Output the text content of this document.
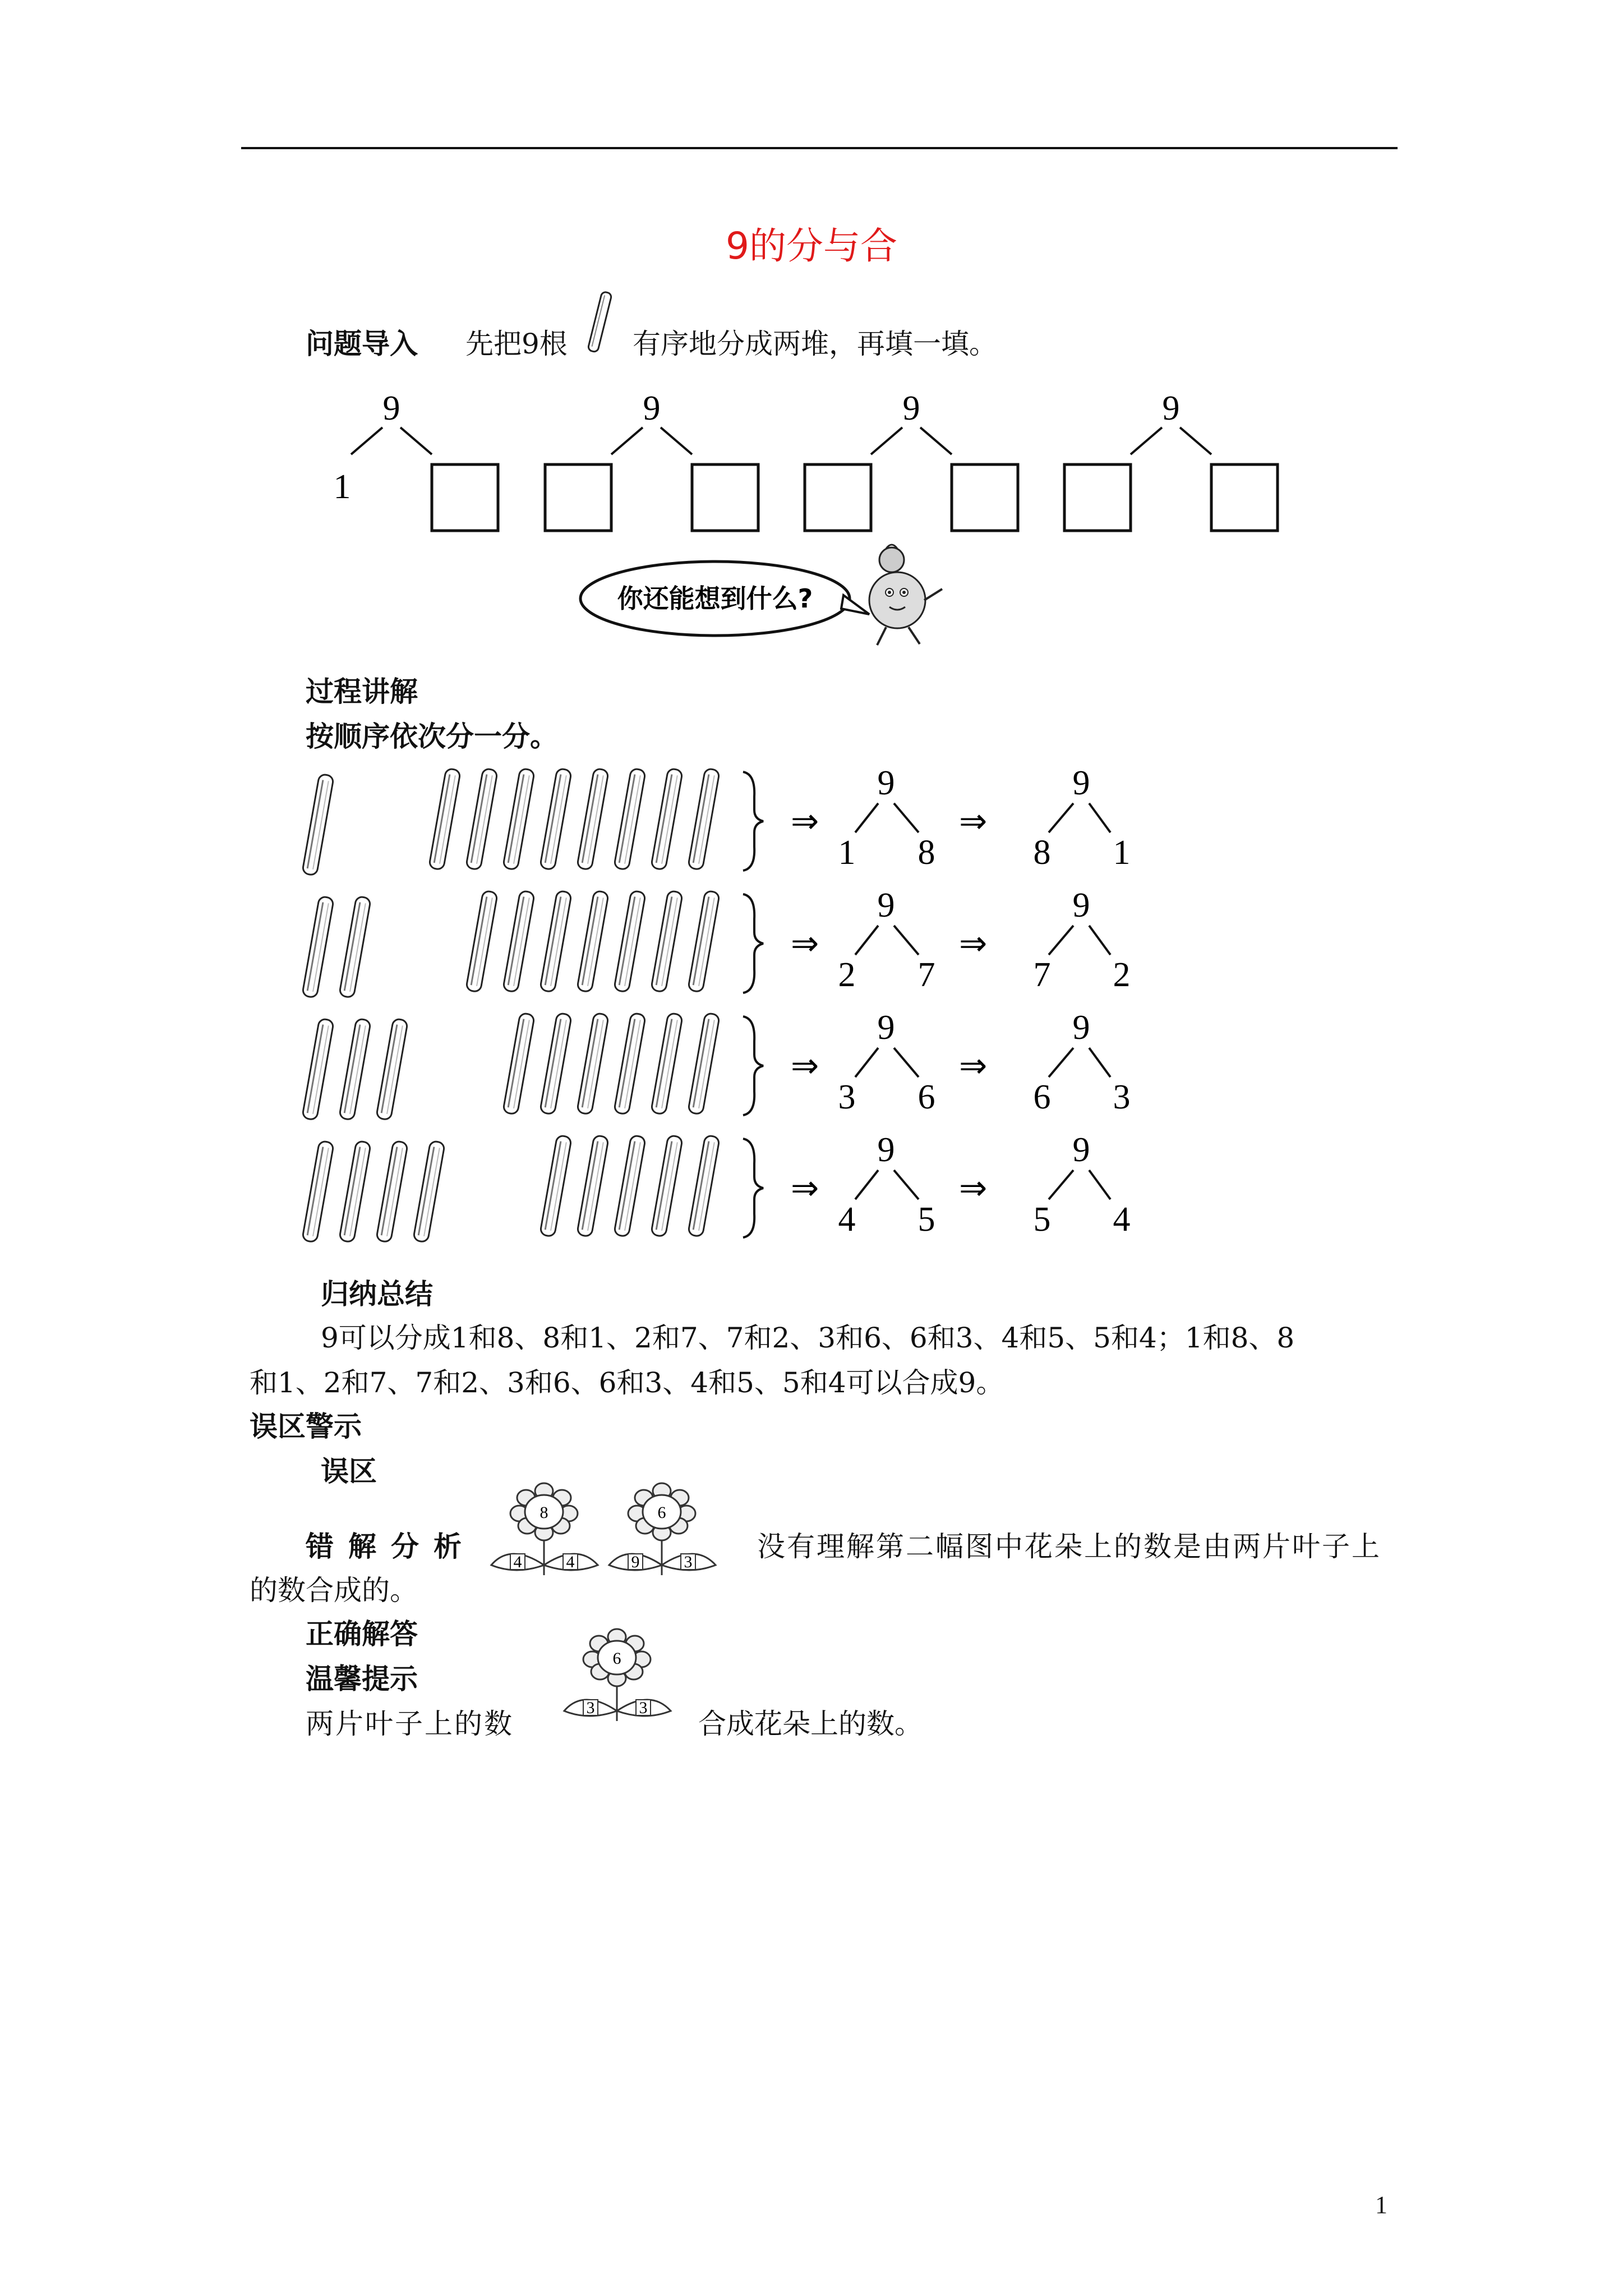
9的分与合
问题导入 先把9根 有序地分成两堆，再填一填。
9
1
9	9	9
你还能想到什么?
过程讲解
按顺序依次分一分。
⇒	⇒
9
1 8
9
8 1
⇒	⇒
9
2 7
9
7 2
⇒	⇒
9
3 6
9
6 3
⇒	⇒
9
4 5
9
5 4
归纳总结
9可以分成1和8、8和1、2和7、7和2、3和6、6和3、4和5、5和4；1和8、8
和1、2和7、7和2、3和6、6和3、4和5、5和4可以合成9。
误区警示
误区
错解分析
8
4	4
6
9	3 没有理解第二幅图中花朵上的数是由两片叶子上
的数合成的。
正确解答
温馨提示
6
3	3
两片叶子上的数	合成花朵上的数。
1
